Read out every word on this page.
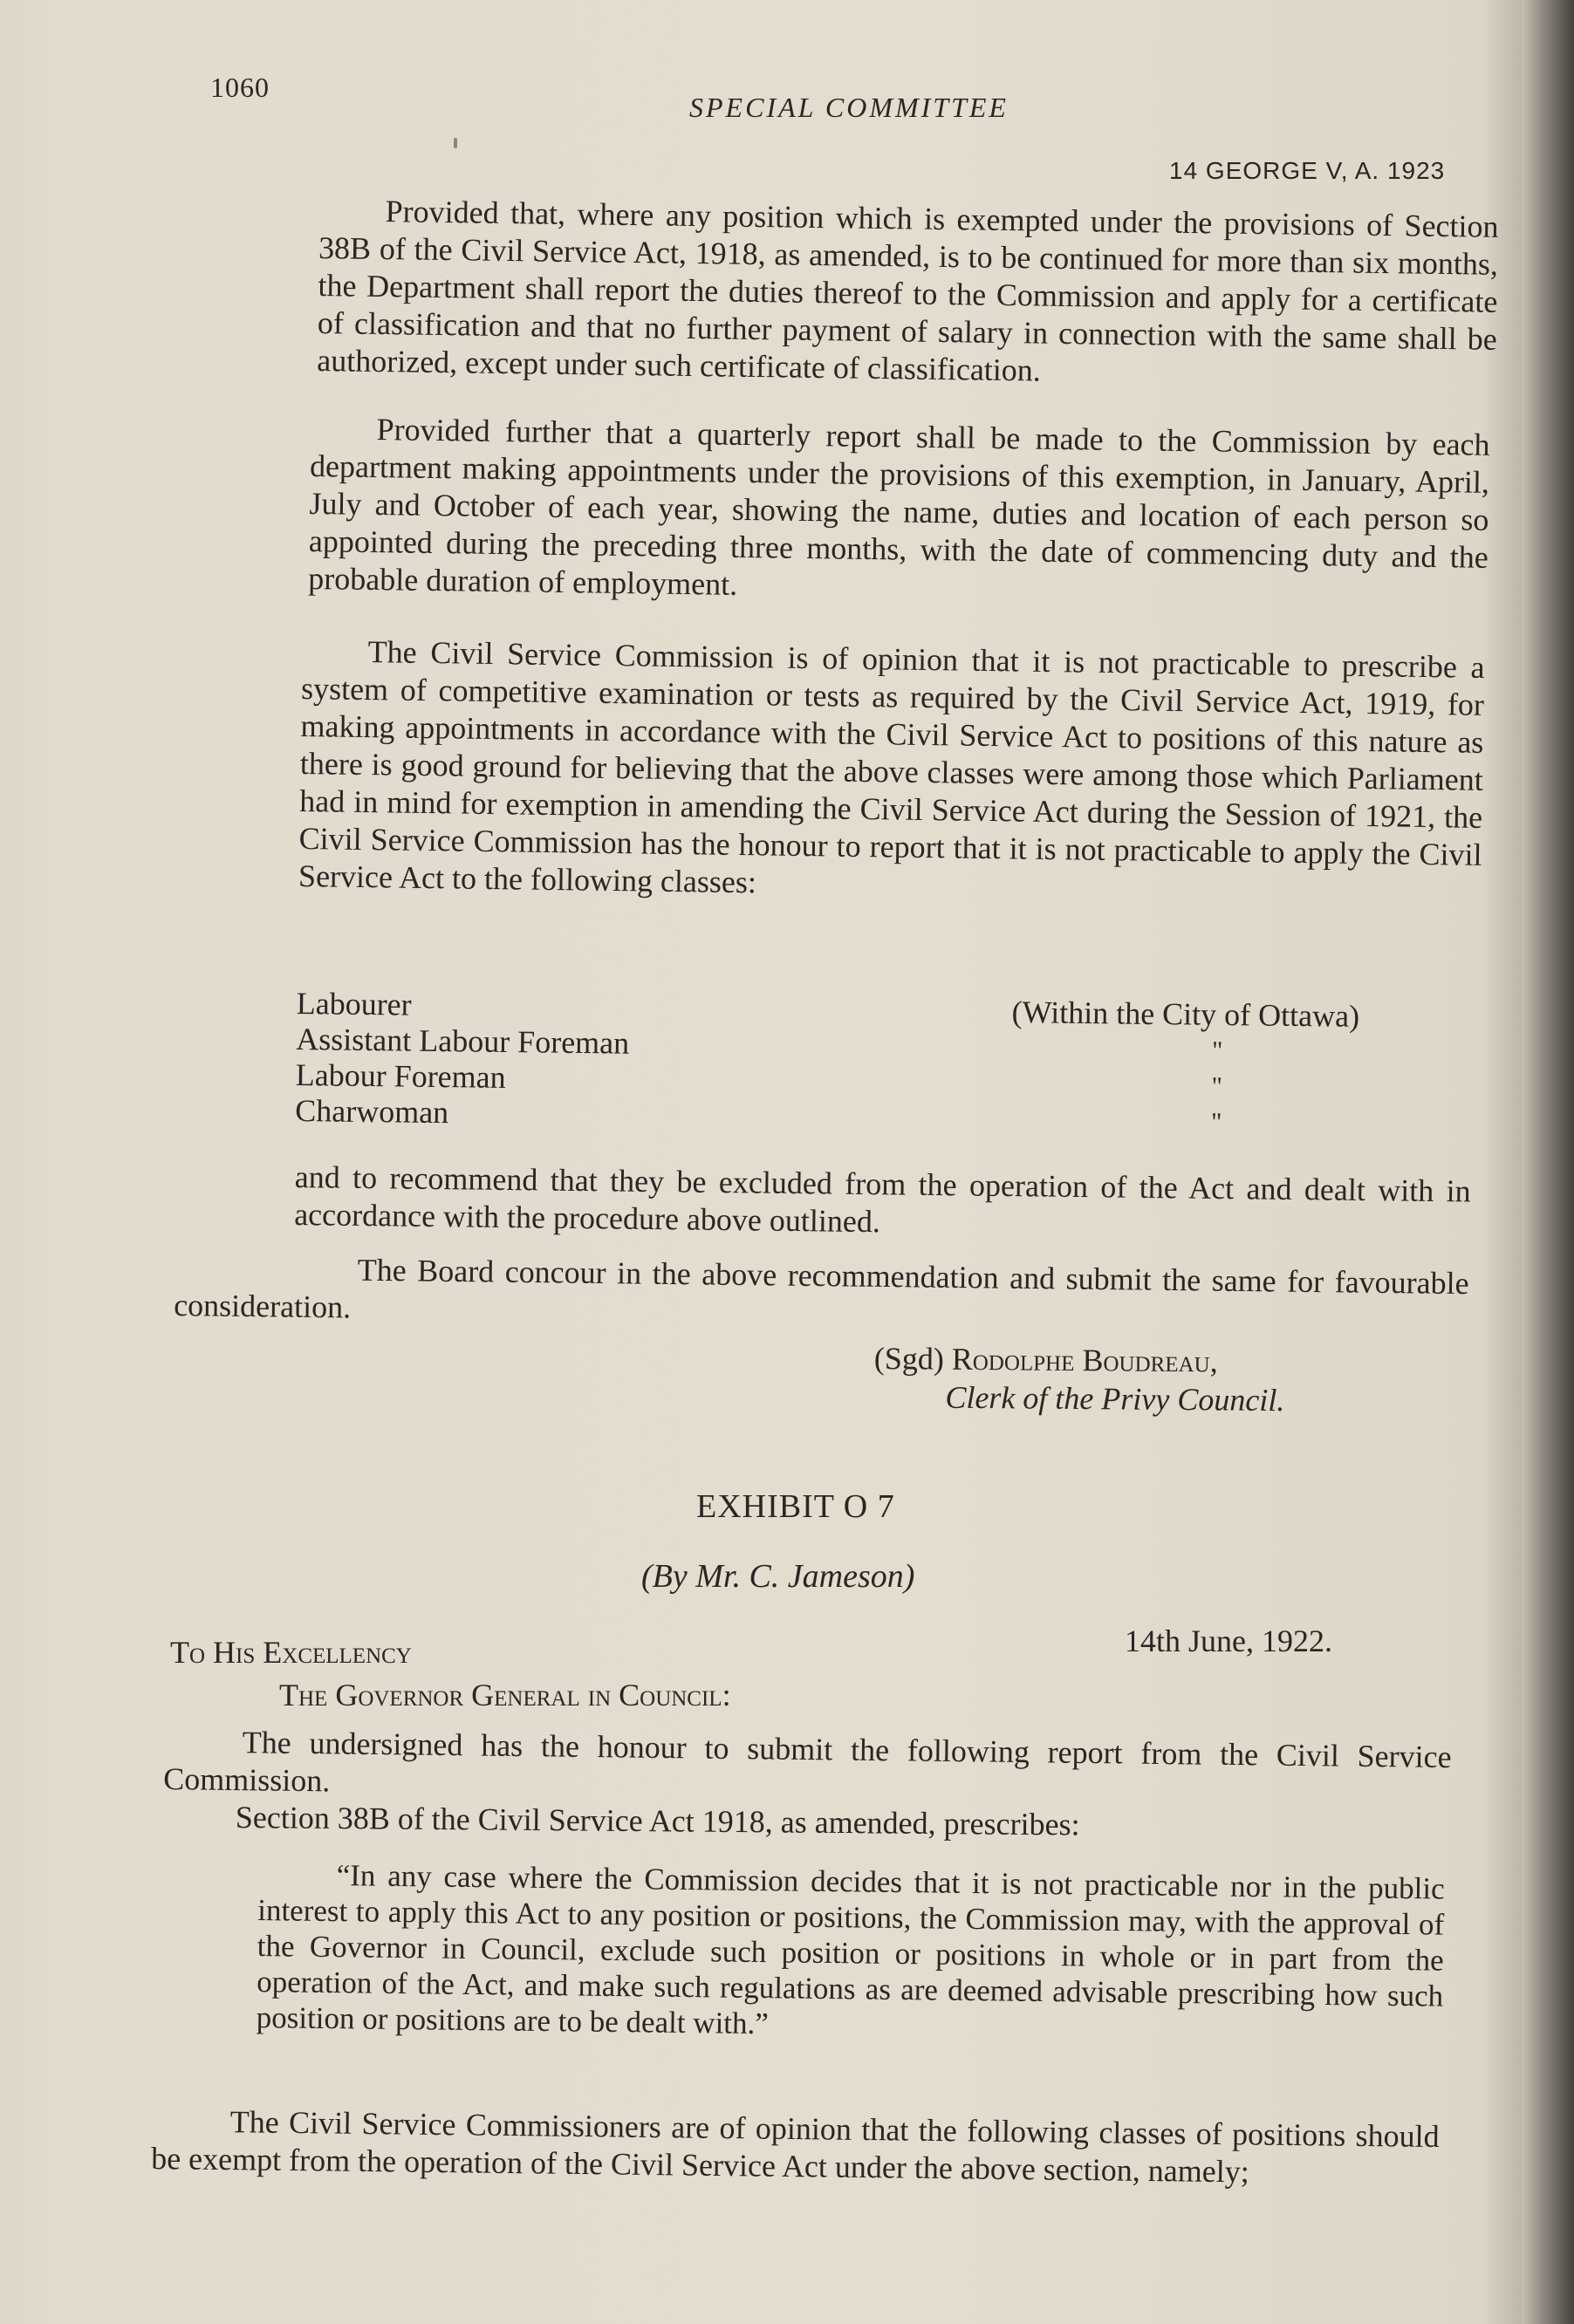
1060
SPECIAL COMMITTEE
14 GEORGE V, A. 1923
Provided that, where any position which is exempted under the provisions of Section 38B of the Civil Service Act, 1918, as amended, is to be continued for more than six months, the Department shall report the duties thereof to the Commission and apply for a certificate of classification and that no further payment of salary in connection with the same shall be authorized, except under such certificate of classification.
Provided further that a quarterly report shall be made to the Commission by each department making appointments under the provisions of this exemption, in January, April, July and October of each year, showing the name, duties and location of each person so appointed during the preceding three months, with the date of commencing duty and the probable duration of employment.
The Civil Service Commission is of opinion that it is not practicable to prescribe a system of competitive examination or tests as required by the Civil Service Act, 1919, for making appointments in accordance with the Civil Service Act to positions of this nature as there is good ground for believing that the above classes were among those which Parliament had in mind for exemption in amending the Civil Service Act during the Session of 1921, the Civil Service Commission has the honour to report that it is not practicable to apply the Civil Service Act to the following classes:
Labourer	(Within the City of Ottawa)
Assistant Labour Foreman	"
Labour Foreman	"
Charwoman	"
and to recommend that they be excluded from the operation of the Act and dealt with in accordance with the procedure above outlined.
The Board concour in the above recommendation and submit the same for favourable consideration.
(Sgd) Rodolphe Boudreau,
Clerk of the Privy Council.
EXHIBIT O 7
(By Mr. C. Jameson)
14th June, 1922.
To His Excellency
The Governor General in Council:
The undersigned has the honour to submit the following report from the Civil Service Commission.
Section 38B of the Civil Service Act 1918, as amended, prescribes:
“In any case where the Commission decides that it is not practicable nor in the public interest to apply this Act to any position or positions, the Commission may, with the approval of the Governor in Council, exclude such position or positions in whole or in part from the operation of the Act, and make such regulations as are deemed advisable prescribing how such position or positions are to be dealt with.”
The Civil Service Commissioners are of opinion that the following classes of positions should be exempt from the operation of the Civil Service Act under the above section, namely;
